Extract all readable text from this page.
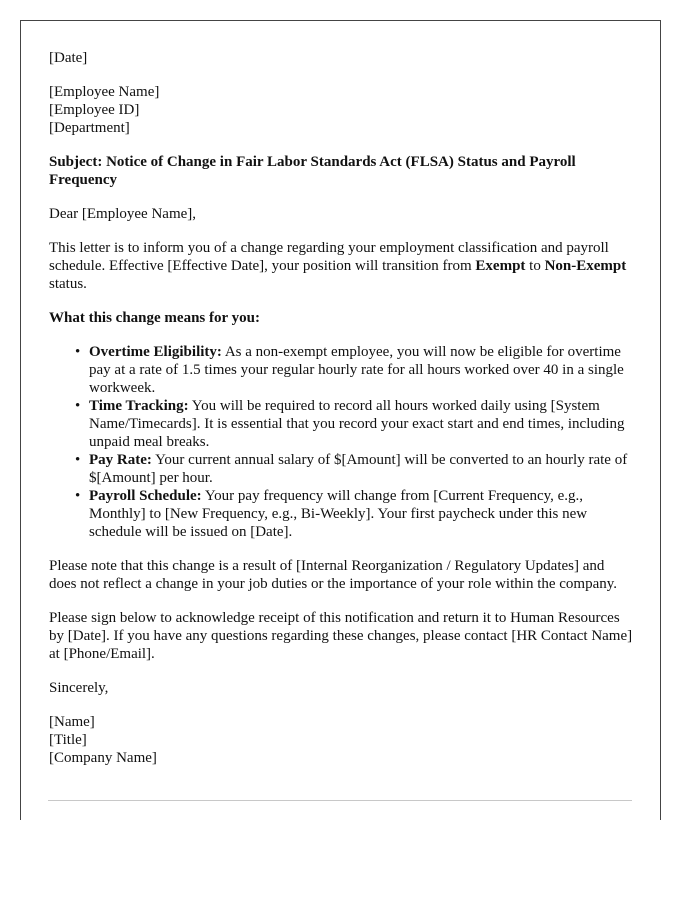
[Date]

[Employee Name]
[Employee ID]
[Department]

Subject: Notice of Change in Fair Labor Standards Act (FLSA) Status and Payroll Frequency

Dear [Employee Name],

This letter is to inform you of a change regarding your employment classification and payroll schedule. Effective [Effective Date], your position will transition from Exempt to Non-Exempt status.

What this change means for you:

• Overtime Eligibility: As a non-exempt employee, you will now be eligible for overtime pay at a rate of 1.5 times your regular hourly rate for all hours worked over 40 in a single workweek.
• Time Tracking: You will be required to record all hours worked daily using [System Name/Timecards]. It is essential that you record your exact start and end times, including unpaid meal breaks.
• Pay Rate: Your current annual salary of $[Amount] will be converted to an hourly rate of $[Amount] per hour.
• Payroll Schedule: Your pay frequency will change from [Current Frequency, e.g., Monthly] to [New Frequency, e.g., Bi-Weekly]. Your first paycheck under this new schedule will be issued on [Date].

Please note that this change is a result of [Internal Reorganization / Regulatory Updates] and does not reflect a change in your job duties or the importance of your role within the company.

Please sign below to acknowledge receipt of this notification and return it to Human Resources by [Date]. If you have any questions regarding these changes, please contact [HR Contact Name] at [Phone/Email].

Sincerely,

[Name]
[Title]
[Company Name]
